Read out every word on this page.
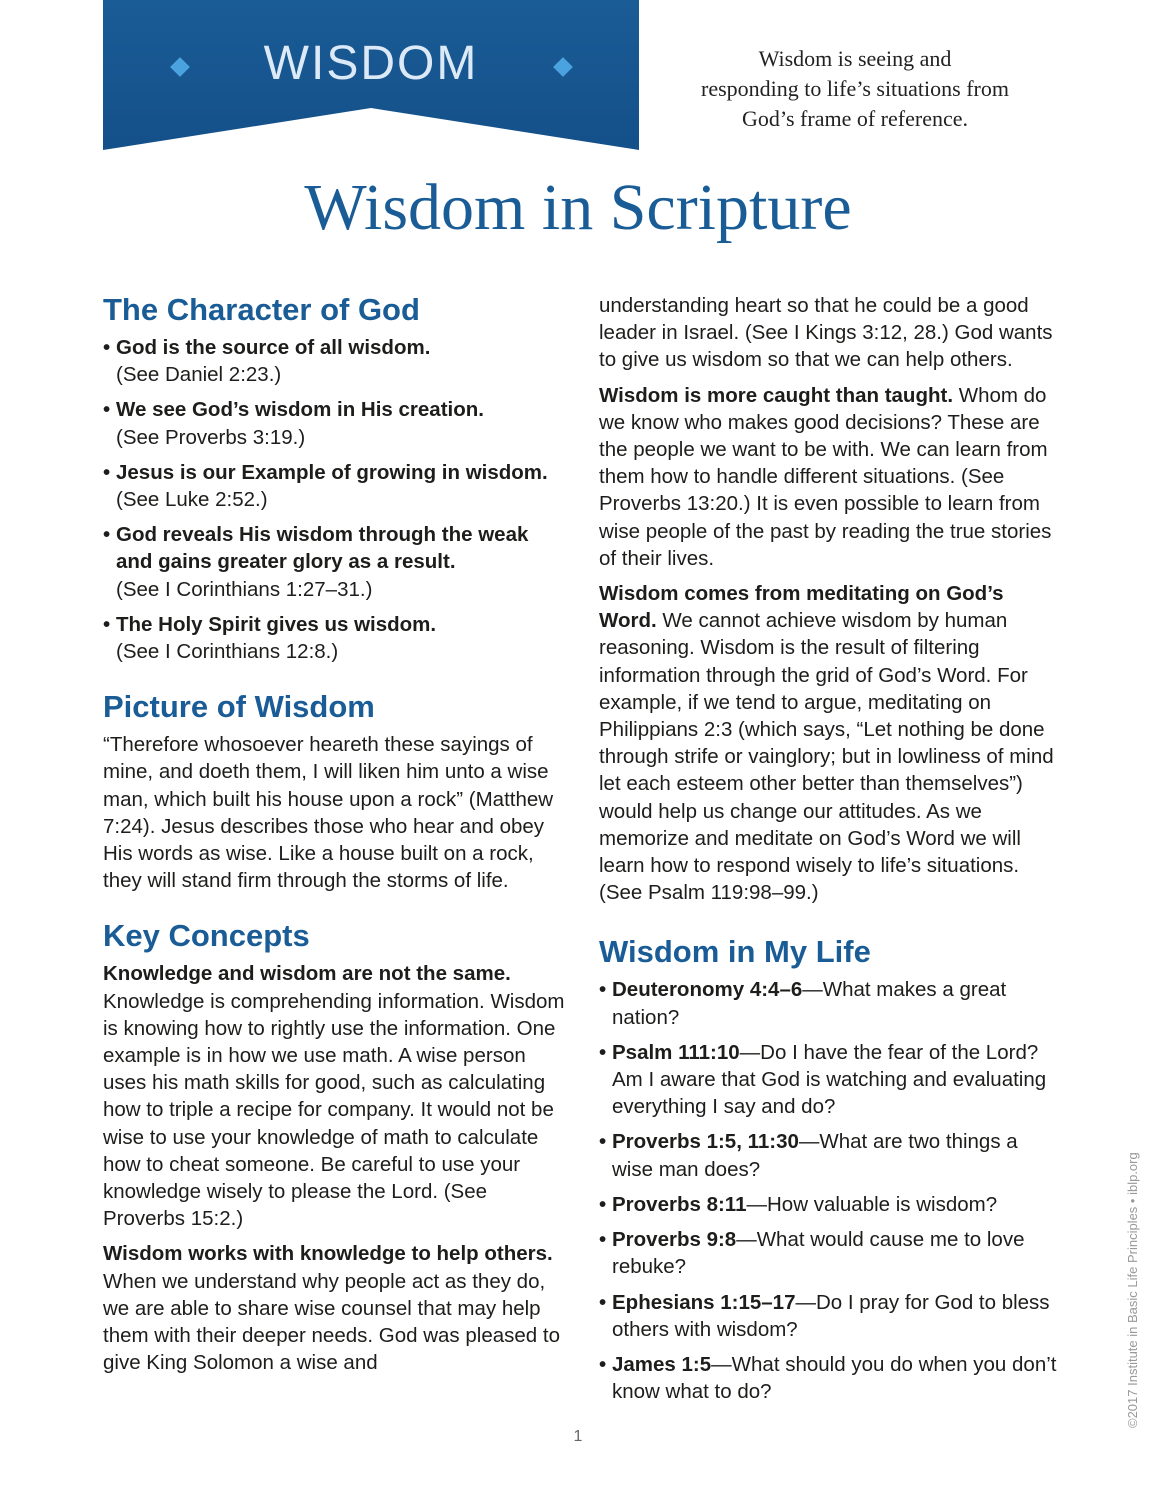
WISDOM	Wisdom is seeing and
responding to life’s situations from
God’s frame of reference.
Wisdom in Scripture
The Character of God
• God is the source of all wisdom.
(See Daniel 2:23.)
• We see God’s wisdom in His creation.
(See Proverbs 3:19.)
• Jesus is our Example of growing in wisdom. (See Luke 2:52.)
• God reveals His wisdom through the weak and gains greater glory as a result.
(See I Corinthians 1:27–31.)
• The Holy Spirit gives us wisdom.
(See I Corinthians 12:8.)
Picture of Wisdom

“Therefore whosoever heareth these sayings of mine, and doeth them, I will liken him unto a wise man, which built his house upon a rock” (Matthew 7:24). Jesus describes those who hear and obey His words as wise. Like a house built on a rock, they will stand firm through the storms of life.

Key Concepts

Knowledge and wisdom are not the same. Knowledge is comprehending information. Wisdom is knowing how to rightly use the information. One example is in how we use math. A wise person uses his math skills for good, such as calculating how to triple a recipe for company. It would not be wise to use your knowledge of math to calculate how to cheat someone. Be careful to use your knowledge wisely to please the Lord. (See Proverbs 15:2.)

Wisdom works with knowledge to help others. When we understand why people act as they do, we are able to share wise counsel that may help them with their deeper needs. God was pleased to give King Solomon a wise and

understanding heart so that he could be a good leader in Israel. (See I Kings 3:12, 28.) God wants to give us wisdom so that we can help others.

Wisdom is more caught than taught. Whom do we know who makes good decisions? These are the people we want to be with. We can learn from them how to handle different situations. (See Proverbs 13:20.) It is even possible to learn from wise people of the past by reading the true stories of their lives.

Wisdom comes from meditating on God’s Word. We cannot achieve wisdom by human reasoning. Wisdom is the result of filtering information through the grid of God’s Word. For example, if we tend to argue, meditating on Philippians 2:3 (which says, “Let nothing be done through strife or vainglory; but in lowliness of mind let each esteem other better than themselves”) would help us change our attitudes. As we memorize and meditate on God’s Word we will learn how to respond wisely to life’s situations. (See Psalm 119:98–99.)

Wisdom in My Life
• Deuteronomy 4:4–6—What makes a great nation?
• Psalm 111:10—Do I have the fear of the Lord? Am I aware that God is watching and evaluating everything I say and do?
• Proverbs 1:5, 11:30—What are two things a wise man does?
• Proverbs 8:11—How valuable is wisdom?
• Proverbs 9:8—What would cause me to love rebuke?
• Ephesians 1:15–17—Do I pray for God to bless others with wisdom?
• James 1:5—What should you do when you don’t know what to do?
1
©2017 Institute in Basic Life Principles • iblp.org
